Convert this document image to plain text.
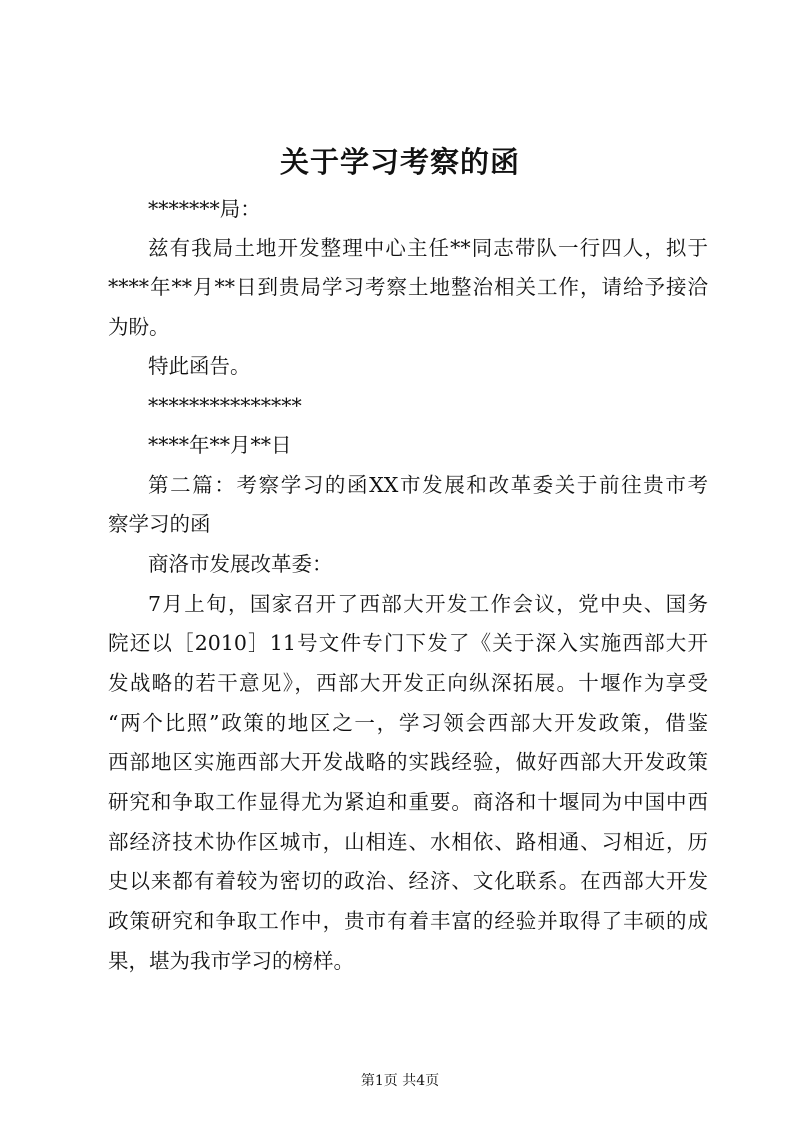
关于学习考察的函
*******局：
兹有我局土地开发整理中心主任**同志带队一行四人，拟于
****年**月**日到贵局学习考察土地整治相关工作，请给予接洽
为盼。
特此函告。
***************
****年**月**日
第二篇：考察学习的函XX市发展和改革委关于前往贵市考
察学习的函
商洛市发展改革委：
7月上旬，国家召开了西部大开发工作会议，党中央、国务
院还以［2010］11号文件专门下发了《关于深入实施西部大开
发战略的若干意见》，西部大开发正向纵深拓展。十堰作为享受
“两个比照”政策的地区之一，学习领会西部大开发政策，借鉴
西部地区实施西部大开发战略的实践经验，做好西部大开发政策
研究和争取工作显得尤为紧迫和重要。商洛和十堰同为中国中西
部经济技术协作区城市，山相连、水相依、路相通、习相近，历
史以来都有着较为密切的政治、经济、文化联系。在西部大开发
政策研究和争取工作中，贵市有着丰富的经验并取得了丰硕的成
果，堪为我市学习的榜样。
第1页 共4页
